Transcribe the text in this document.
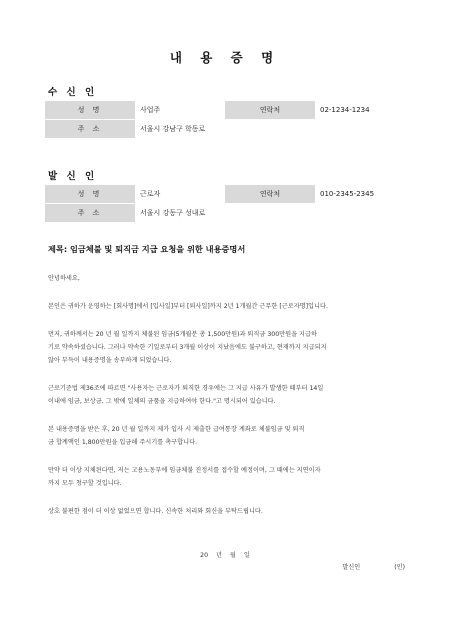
내 용 증 명
수 신 인
성 명	사업주	연락처	02-1234-1234
주 소	서울시 강남구 학동로		
발 신 인
성 명	근로자	연락처	010-2345-2345
주 소	서울시 강동구 성내로		
제목: 임금체불 및 퇴직금 지급 요청을 위한 내용증명서

안녕하세요,

본인은 귀하가 운영하는 [회사명]에서 [입사일]부터 [퇴사일]까지 2년 1개월간 근무한 [근로자명]입니다.

먼저, 귀하께서는 20 년 월 일까지 체불된 임금(5개월분 총 1,500만원)과 퇴직금 300만원을 지급하

기로 약속하셨습니다. 그러나 약속한 기일로부터 3개월 이상이 지났음에도 불구하고, 현재까지 지급되지

않아 부득이 내용증명을 송부하게 되었습니다.

근로기준법 제36조에 따르면 "사용자는 근로자가 퇴직한 경우에는 그 지급 사유가 발생한 때부터 14일

이내에 임금, 보상금, 그 밖에 일체의 금품을 지급하여야 한다."고 명시되어 있습니다.

본 내용증명을 받은 후, 20 년 월 일까지 제가 입사 시 제출한 급여통장 계좌로 체불임금 및 퇴직

금 합계액인 1,800만원을 입금해 주시기를 촉구합니다.

만약 더 이상 지체된다면, 저는 고용노동부에 임금체불 진정서를 접수할 예정이며, 그 때에는 지연이자

까지 모두 청구할 것입니다.

상호 불편한 점이 더 이상 없었으면 합니다. 신속한 처리와 회신을 부탁드립니다.

20 년 월 일
발신인	(인)
